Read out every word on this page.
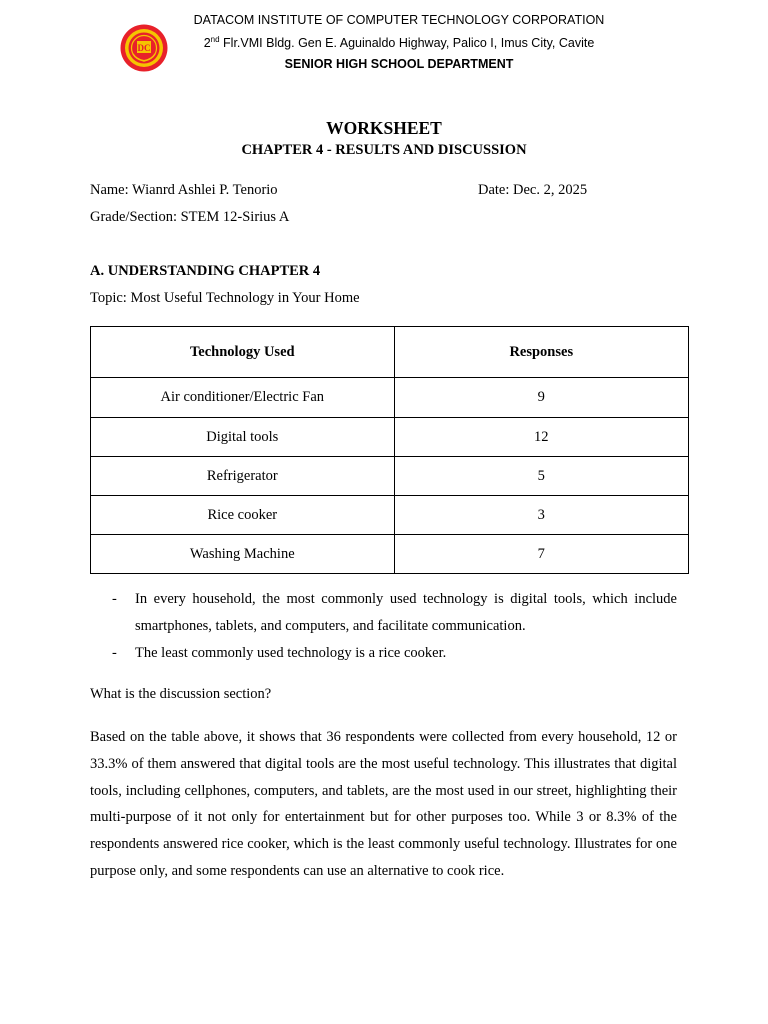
DC
DATACOM INSTITUTE OF COMPUTER TECHNOLOGY CORPORATION
2nd Flr.VMI Bldg. Gen E. Aguinaldo Highway, Palico I, Imus City, Cavite
SENIOR HIGH SCHOOL DEPARTMENT
WORKSHEET
CHAPTER 4 - RESULTS AND DISCUSSION
Name: Wianrd Ashlei P. Tenorio	Date: Dec. 2, 2025
Grade/Section: STEM 12-Sirius A
A. UNDERSTANDING CHAPTER 4
Topic: Most Useful Technology in Your Home
Technology Used	Responses
Air conditioner/Electric Fan	9
Digital tools	12
Refrigerator	5
Rice cooker	3
Washing Machine	7
- In every household, the most commonly used technology is digital tools, which include smartphones, tablets, and computers, and facilitate communication.
- The least commonly used technology is a rice cooker.
What is the discussion section?
Based on the table above, it shows that 36 respondents were collected from every household, 12 or 33.3% of them answered that digital tools are the most useful technology. This illustrates that digital tools, including cellphones, computers, and tablets, are the most used in our street, highlighting their multi-purpose of it not only for entertainment but for other purposes too. While 3 or 8.3% of the respondents answered rice cooker, which is the least commonly useful technology. Illustrates for one purpose only, and some respondents can use an alternative to cook rice.
